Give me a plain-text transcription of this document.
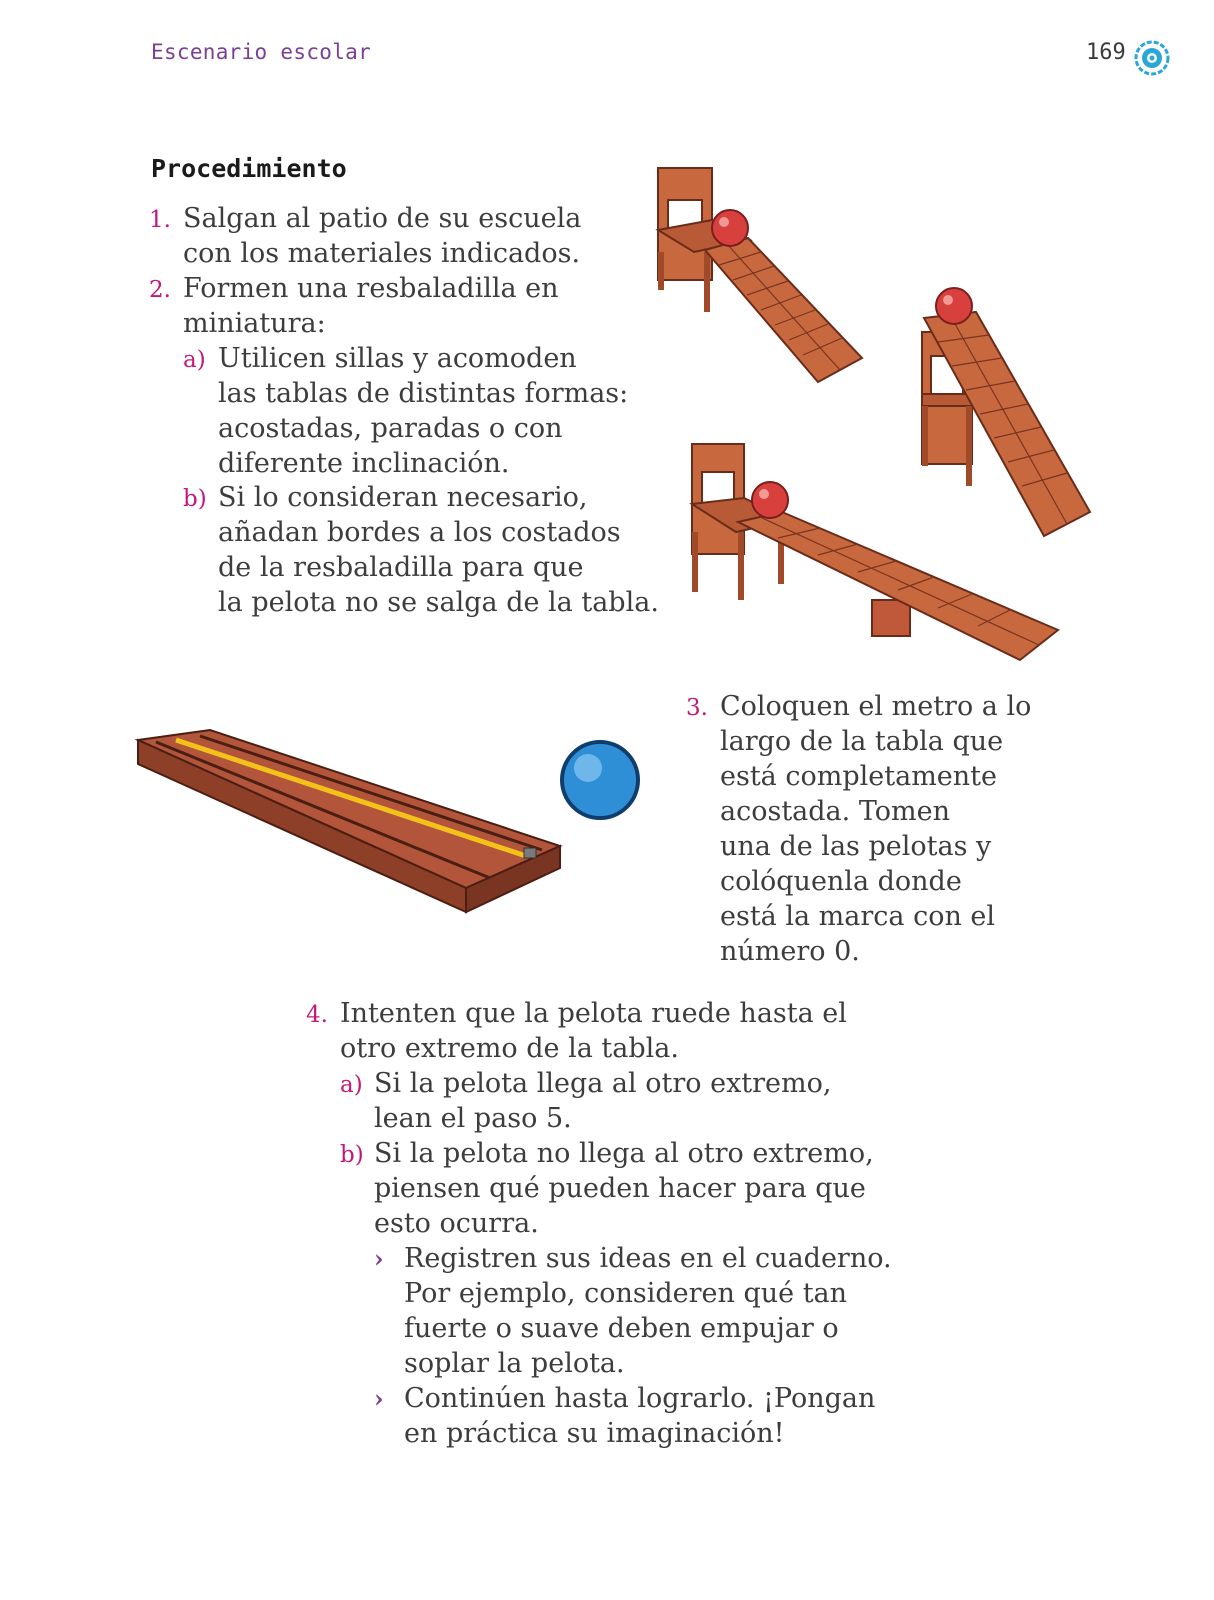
Escenario escolar	169
Procedimiento
1. Salgan al patio de su escuela
con los materiales indicados.
2. Formen una resbaladilla en
miniatura:
a) Utilicen sillas y acomoden
las tablas de distintas formas:
acostadas, paradas o con
diferente inclinación.
b) Si lo consideran necesario,
añadan bordes a los costados
de la resbaladilla para que
la pelota no se salga de la tabla.
3. Coloquen el metro a lo
largo de la tabla que
está completamente
acostada. Tomen
una de las pelotas y
colóquenla donde
está la marca con el
número 0.
4. Intenten que la pelota ruede hasta el
otro extremo de la tabla.
a) Si la pelota llega al otro extremo,
lean el paso 5.
b) Si la pelota no llega al otro extremo,
piensen qué pueden hacer para que
esto ocurra.
› Registren sus ideas en el cuaderno.
Por ejemplo, consideren qué tan
fuerte o suave deben empujar o
soplar la pelota.
› Continúen hasta lograrlo. ¡Pongan
en práctica su imaginación!
